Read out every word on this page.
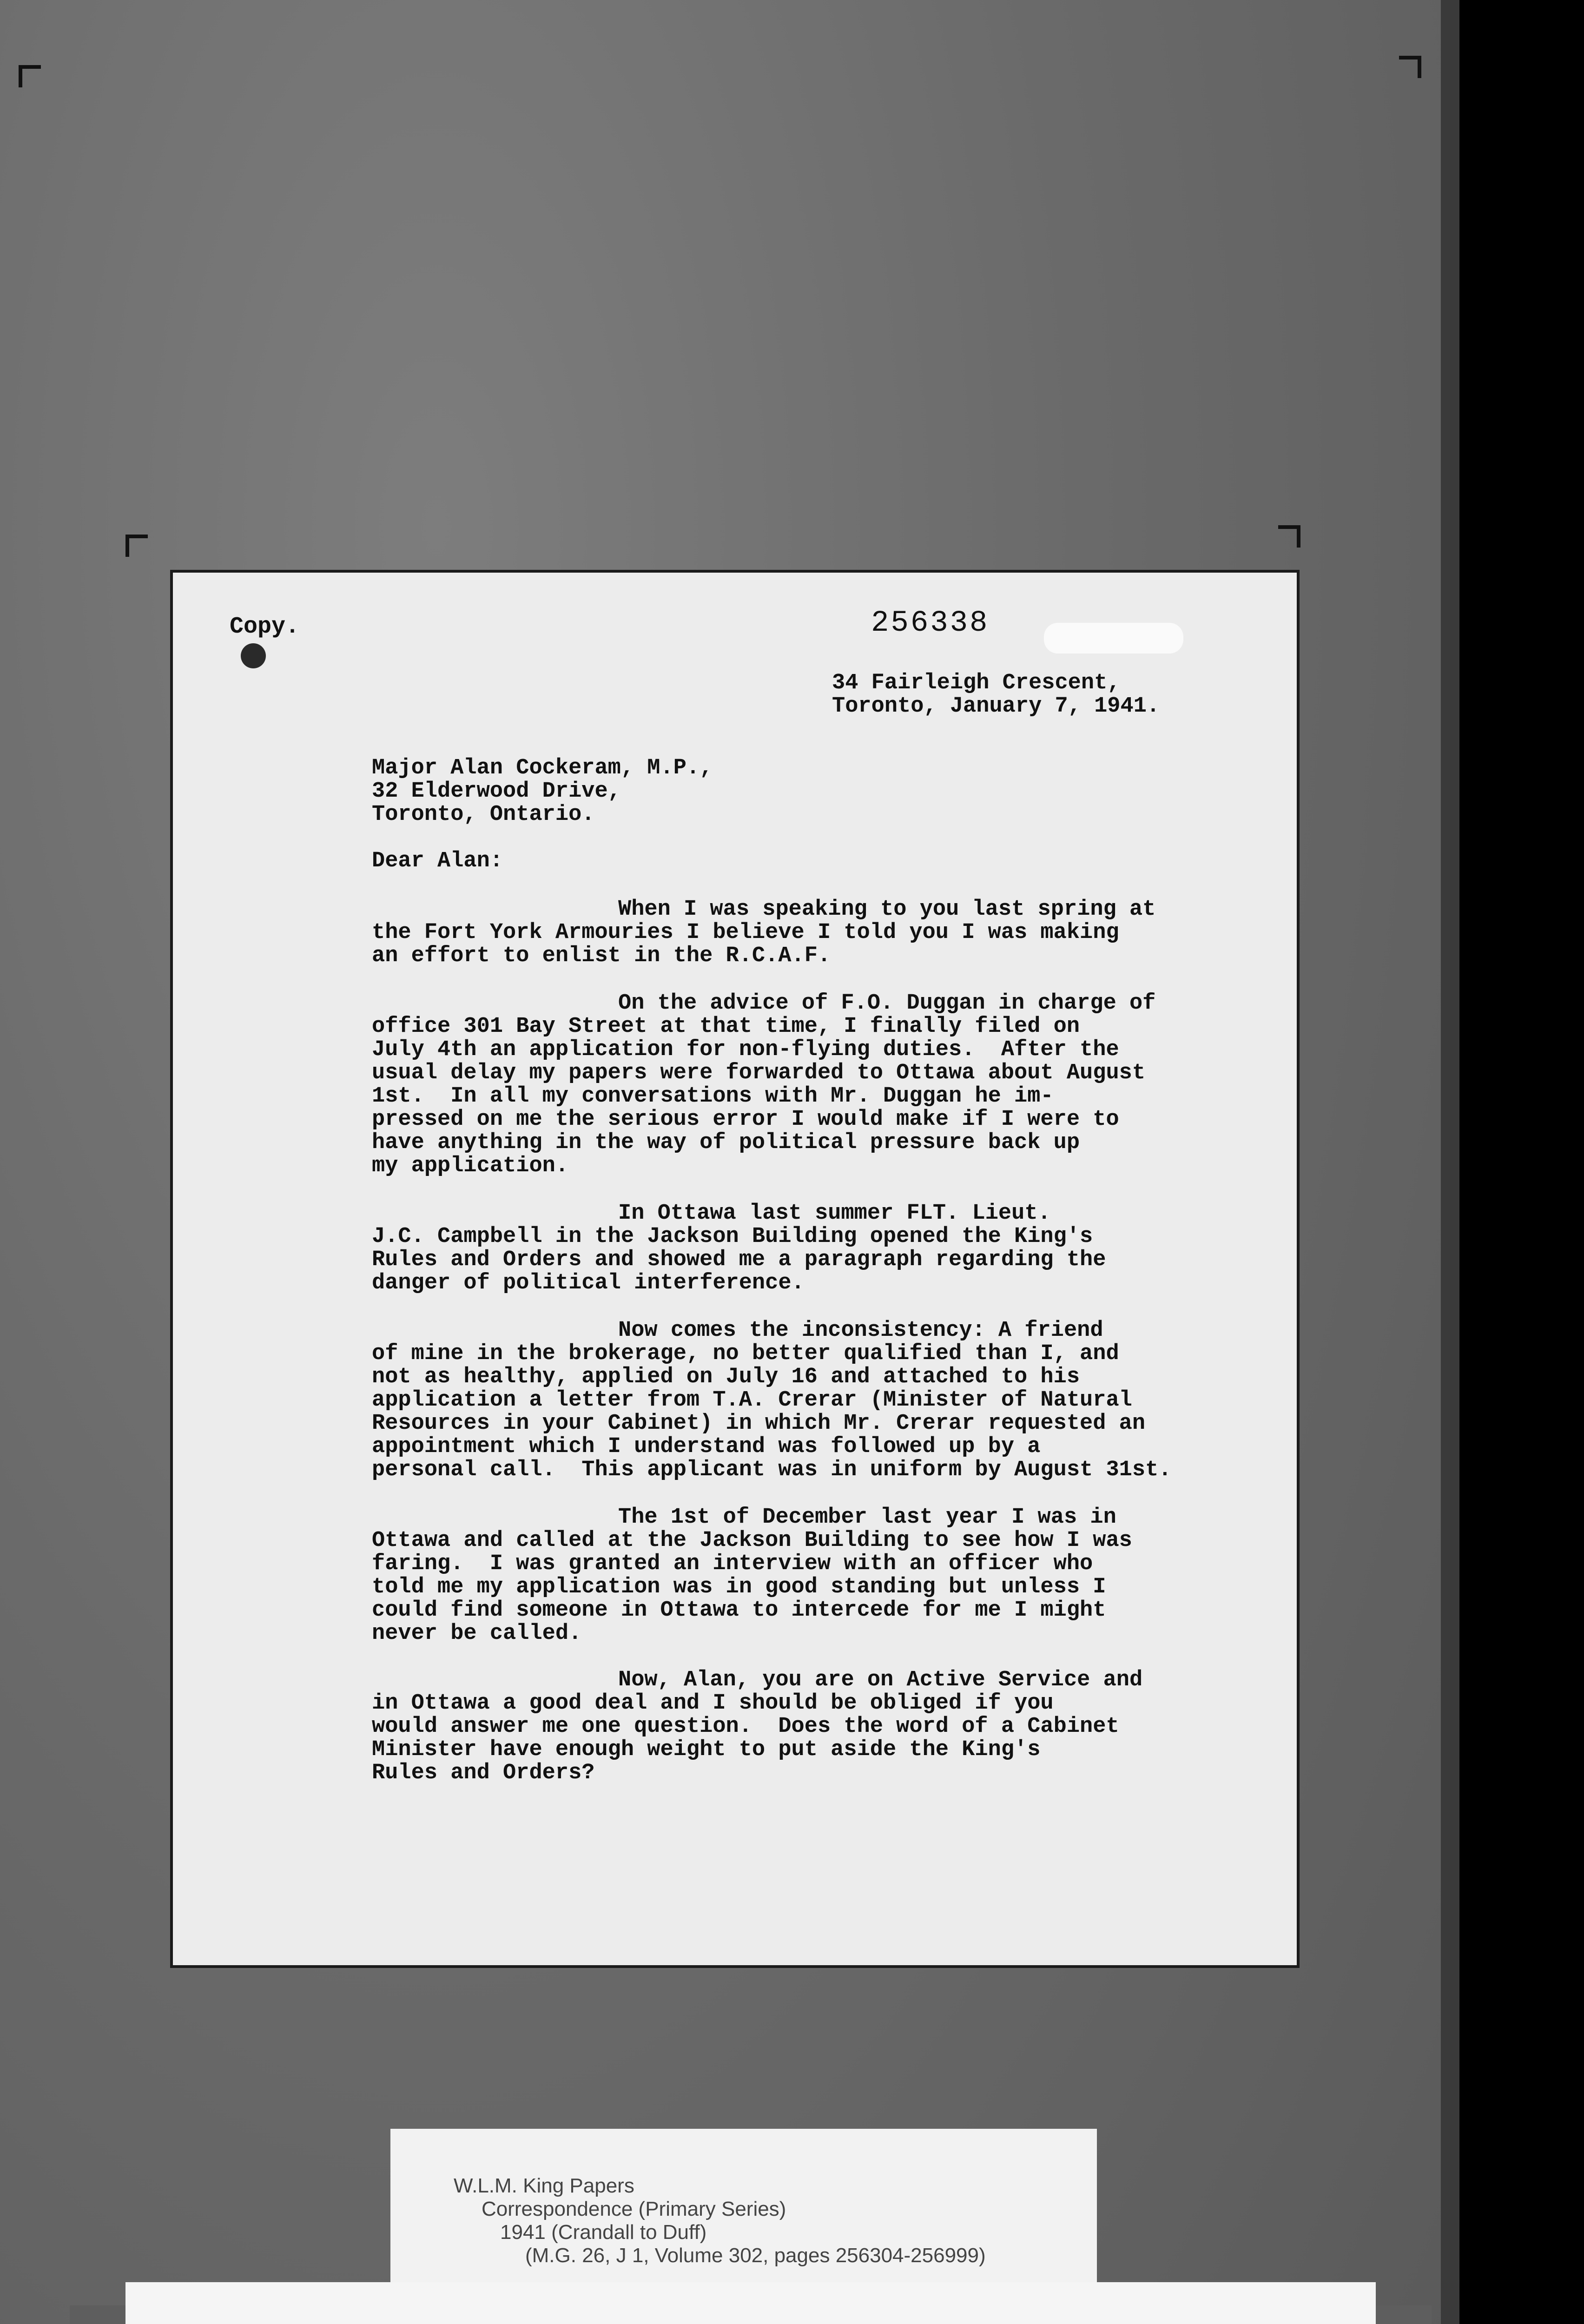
Copy.	256338
34 Fairleigh Crescent,
Toronto, January 7, 1941.
Major Alan Cockeram, M.P.,
32 Elderwood Drive,
Toronto, Ontario.
Dear Alan:
When I was speaking to you last spring at
the Fort York Armouries I believe I told you I was making
an effort to enlist in the R.C.A.F.
On the advice of F.O. Duggan in charge of
office 301 Bay Street at that time, I finally filed on
July 4th an application for non-flying duties.  After the
usual delay my papers were forwarded to Ottawa about August
1st.  In all my conversations with Mr. Duggan he im-
pressed on me the serious error I would make if I were to
have anything in the way of political pressure back up
my application.
In Ottawa last summer FLT. Lieut.
J.C. Campbell in the Jackson Building opened the King's
Rules and Orders and showed me a paragraph regarding the
danger of political interference.
Now comes the inconsistency: A friend
of mine in the brokerage, no better qualified than I, and
not as healthy, applied on July 16 and attached to his
application a letter from T.A. Crerar (Minister of Natural
Resources in your Cabinet) in which Mr. Crerar requested an
appointment which I understand was followed up by a
personal call.  This applicant was in uniform by August 31st.
The 1st of December last year I was in
Ottawa and called at the Jackson Building to see how I was
faring.  I was granted an interview with an officer who
told me my application was in good standing but unless I
could find someone in Ottawa to intercede for me I might
never be called.
Now, Alan, you are on Active Service and
in Ottawa a good deal and I should be obliged if you
would answer me one question.  Does the word of a Cabinet
Minister have enough weight to put aside the King's
Rules and Orders?
W.L.M. King Papers
Correspondence (Primary Series)
1941 (Crandall to Duff)
(M.G. 26, J 1, Volume 302, pages 256304-256999)
